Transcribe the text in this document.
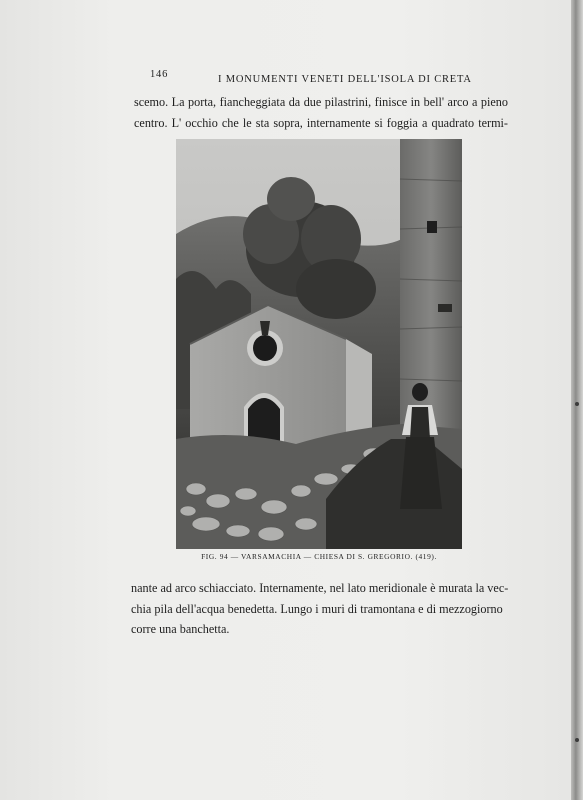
146	I MONUMENTI VENETI DELL'ISOLA DI CRETA
scemo. La porta, fiancheggiata da due pilastrini, finisce in bell' arco a pieno
centro. L' occhio che le sta sopra, internamente si foggia a quadrato termi-
FIG. 94 — VARSAMACHIA — CHIESA DI S. GREGORIO. (419).
nante ad arco schiacciato. Internamente, nel lato meridionale è murata la vec-
chia pila dell'acqua benedetta. Lungo i muri di tramontana e di mezzogiorno
corre una banchetta.
